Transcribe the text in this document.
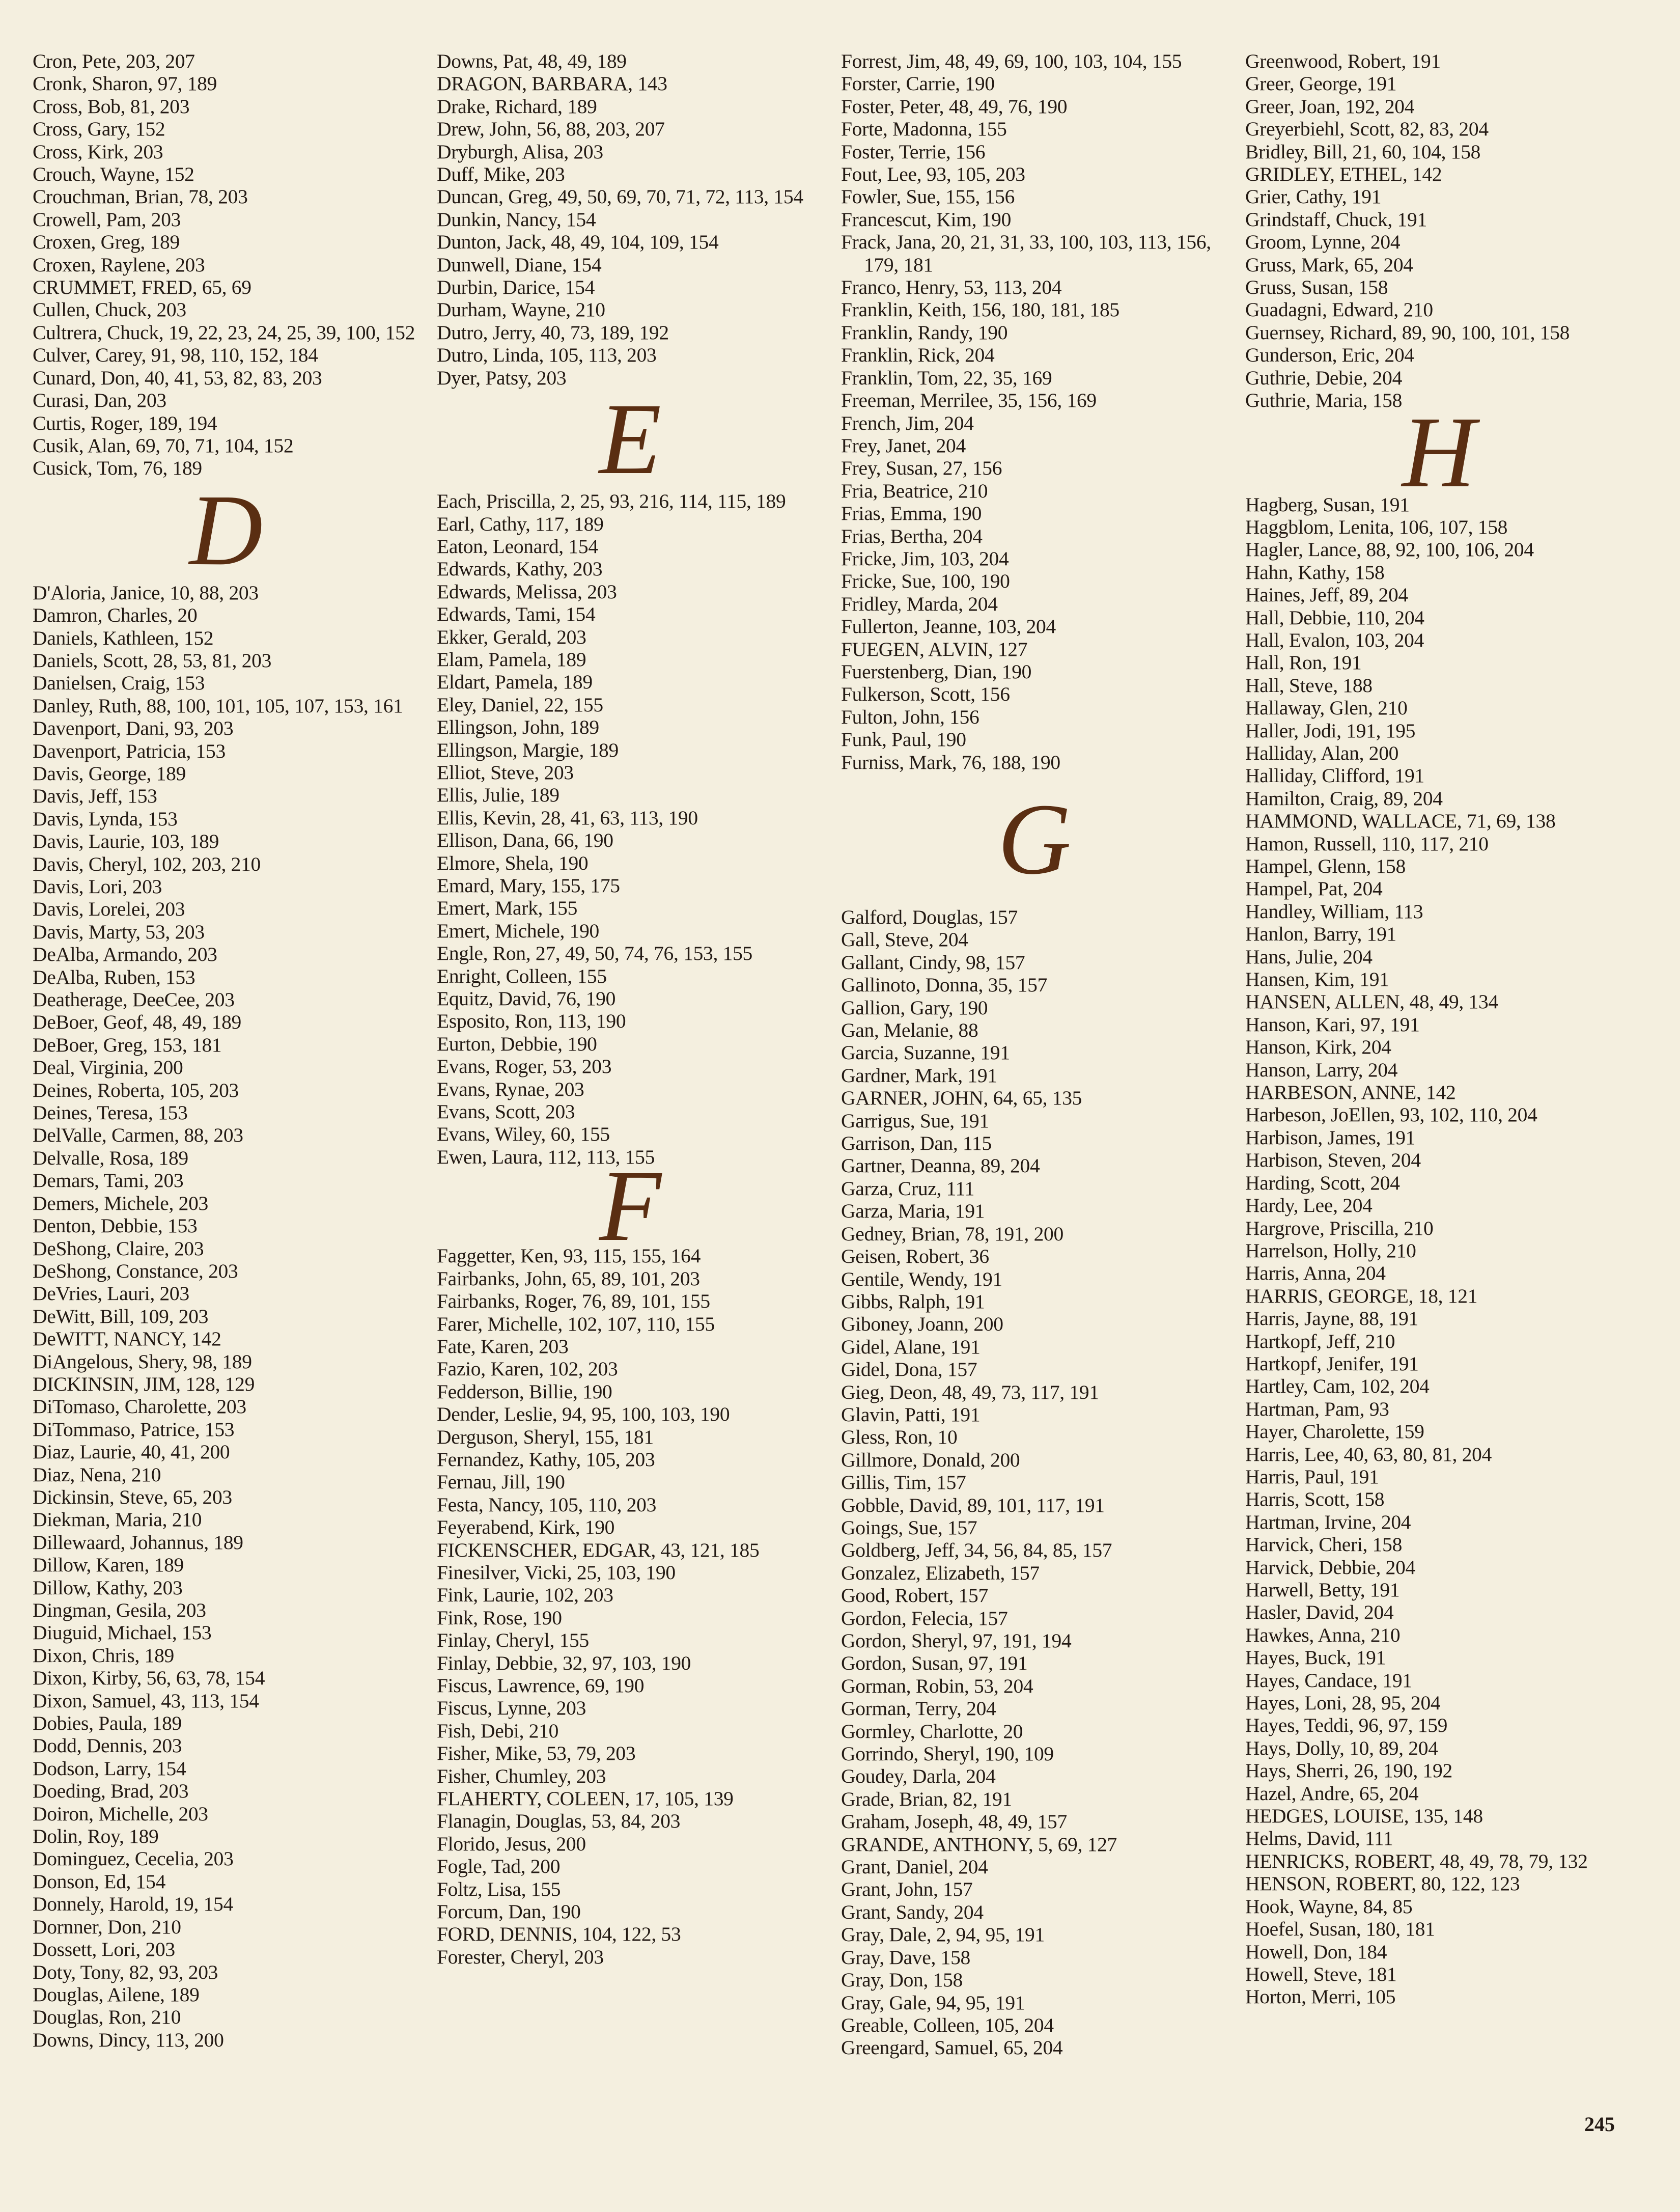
Cron, Pete, 203, 207
Cronk, Sharon, 97, 189
Cross, Bob, 81, 203
Cross, Gary, 152
Cross, Kirk, 203
Crouch, Wayne, 152
Crouchman, Brian, 78, 203
Crowell, Pam, 203
Croxen, Greg, 189
Croxen, Raylene, 203
CRUMMET, FRED, 65, 69
Cullen, Chuck, 203
Cultrera, Chuck, 19, 22, 23, 24, 25, 39, 100, 152
Culver, Carey, 91, 98, 110, 152, 184
Cunard, Don, 40, 41, 53, 82, 83, 203
Curasi, Dan, 203
Curtis, Roger, 189, 194
Cusik, Alan, 69, 70, 71, 104, 152
Cusick, Tom, 76, 189
D
D'Aloria, Janice, 10, 88, 203
Damron, Charles, 20
Daniels, Kathleen, 152
Daniels, Scott, 28, 53, 81, 203
Danielsen, Craig, 153
Danley, Ruth, 88, 100, 101, 105, 107, 153, 161
Davenport, Dani, 93, 203
Davenport, Patricia, 153
Davis, George, 189
Davis, Jeff, 153
Davis, Lynda, 153
Davis, Laurie, 103, 189
Davis, Cheryl, 102, 203, 210
Davis, Lori, 203
Davis, Lorelei, 203
Davis, Marty, 53, 203
DeAlba, Armando, 203
DeAlba, Ruben, 153
Deatherage, DeeCee, 203
DeBoer, Geof, 48, 49, 189
DeBoer, Greg, 153, 181
Deal, Virginia, 200
Deines, Roberta, 105, 203
Deines, Teresa, 153
DelValle, Carmen, 88, 203
Delvalle, Rosa, 189
Demars, Tami, 203
Demers, Michele, 203
Denton, Debbie, 153
DeShong, Claire, 203
DeShong, Constance, 203
DeVries, Lauri, 203
DeWitt, Bill, 109, 203
DeWITT, NANCY, 142
DiAngelous, Shery, 98, 189
DICKINSIN, JIM, 128, 129
DiTomaso, Charolette, 203
DiTommaso, Patrice, 153
Diaz, Laurie, 40, 41, 200
Diaz, Nena, 210
Dickinsin, Steve, 65, 203
Diekman, Maria, 210
Dillewaard, Johannus, 189
Dillow, Karen, 189
Dillow, Kathy, 203
Dingman, Gesila, 203
Diuguid, Michael, 153
Dixon, Chris, 189
Dixon, Kirby, 56, 63, 78, 154
Dixon, Samuel, 43, 113, 154
Dobies, Paula, 189
Dodd, Dennis, 203
Dodson, Larry, 154
Doeding, Brad, 203
Doiron, Michelle, 203
Dolin, Roy, 189
Dominguez, Cecelia, 203
Donson, Ed, 154
Donnely, Harold, 19, 154
Dornner, Don, 210
Dossett, Lori, 203
Doty, Tony, 82, 93, 203
Douglas, Ailene, 189
Douglas, Ron, 210
Downs, Dincy, 113, 200
Downs, Pat, 48, 49, 189
DRAGON, BARBARA, 143
Drake, Richard, 189
Drew, John, 56, 88, 203, 207
Dryburgh, Alisa, 203
Duff, Mike, 203
Duncan, Greg, 49, 50, 69, 70, 71, 72, 113, 154
Dunkin, Nancy, 154
Dunton, Jack, 48, 49, 104, 109, 154
Dunwell, Diane, 154
Durbin, Darice, 154
Durham, Wayne, 210
Dutro, Jerry, 40, 73, 189, 192
Dutro, Linda, 105, 113, 203
Dyer, Patsy, 203
E
Each, Priscilla, 2, 25, 93, 216, 114, 115, 189
Earl, Cathy, 117, 189
Eaton, Leonard, 154
Edwards, Kathy, 203
Edwards, Melissa, 203
Edwards, Tami, 154
Ekker, Gerald, 203
Elam, Pamela, 189
Eldart, Pamela, 189
Eley, Daniel, 22, 155
Ellingson, John, 189
Ellingson, Margie, 189
Elliot, Steve, 203
Ellis, Julie, 189
Ellis, Kevin, 28, 41, 63, 113, 190
Ellison, Dana, 66, 190
Elmore, Shela, 190
Emard, Mary, 155, 175
Emert, Mark, 155
Emert, Michele, 190
Engle, Ron, 27, 49, 50, 74, 76, 153, 155
Enright, Colleen, 155
Equitz, David, 76, 190
Esposito, Ron, 113, 190
Eurton, Debbie, 190
Evans, Roger, 53, 203
Evans, Rynae, 203
Evans, Scott, 203
Evans, Wiley, 60, 155
Ewen, Laura, 112, 113, 155
F
Faggetter, Ken, 93, 115, 155, 164
Fairbanks, John, 65, 89, 101, 203
Fairbanks, Roger, 76, 89, 101, 155
Farer, Michelle, 102, 107, 110, 155
Fate, Karen, 203
Fazio, Karen, 102, 203
Fedderson, Billie, 190
Dender, Leslie, 94, 95, 100, 103, 190
Derguson, Sheryl, 155, 181
Fernandez, Kathy, 105, 203
Fernau, Jill, 190
Festa, Nancy, 105, 110, 203
Feyerabend, Kirk, 190
FICKENSCHER, EDGAR, 43, 121, 185
Finesilver, Vicki, 25, 103, 190
Fink, Laurie, 102, 203
Fink, Rose, 190
Finlay, Cheryl, 155
Finlay, Debbie, 32, 97, 103, 190
Fiscus, Lawrence, 69, 190
Fiscus, Lynne, 203
Fish, Debi, 210
Fisher, Mike, 53, 79, 203
Fisher, Chumley, 203
FLAHERTY, COLEEN, 17, 105, 139
Flanagin, Douglas, 53, 84, 203
Florido, Jesus, 200
Fogle, Tad, 200
Foltz, Lisa, 155
Forcum, Dan, 190
FORD, DENNIS, 104, 122, 53
Forester, Cheryl, 203
Forrest, Jim, 48, 49, 69, 100, 103, 104, 155
Forster, Carrie, 190
Foster, Peter, 48, 49, 76, 190
Forte, Madonna, 155
Foster, Terrie, 156
Fout, Lee, 93, 105, 203
Fowler, Sue, 155, 156
Francescut, Kim, 190
Frack, Jana, 20, 21, 31, 33, 100, 103, 113, 156, 179, 181
Franco, Henry, 53, 113, 204
Franklin, Keith, 156, 180, 181, 185
Franklin, Randy, 190
Franklin, Rick, 204
Franklin, Tom, 22, 35, 169
Freeman, Merrilee, 35, 156, 169
French, Jim, 204
Frey, Janet, 204
Frey, Susan, 27, 156
Fria, Beatrice, 210
Frias, Emma, 190
Frias, Bertha, 204
Fricke, Jim, 103, 204
Fricke, Sue, 100, 190
Fridley, Marda, 204
Fullerton, Jeanne, 103, 204
FUEGEN, ALVIN, 127
Fuerstenberg, Dian, 190
Fulkerson, Scott, 156
Fulton, John, 156
Funk, Paul, 190
Furniss, Mark, 76, 188, 190
G
Galford, Douglas, 157
Gall, Steve, 204
Gallant, Cindy, 98, 157
Gallinoto, Donna, 35, 157
Gallion, Gary, 190
Gan, Melanie, 88
Garcia, Suzanne, 191
Gardner, Mark, 191
GARNER, JOHN, 64, 65, 135
Garrigus, Sue, 191
Garrison, Dan, 115
Gartner, Deanna, 89, 204
Garza, Cruz, 111
Garza, Maria, 191
Gedney, Brian, 78, 191, 200
Geisen, Robert, 36
Gentile, Wendy, 191
Gibbs, Ralph, 191
Giboney, Joann, 200
Gidel, Alane, 191
Gidel, Dona, 157
Gieg, Deon, 48, 49, 73, 117, 191
Glavin, Patti, 191
Gless, Ron, 10
Gillmore, Donald, 200
Gillis, Tim, 157
Gobble, David, 89, 101, 117, 191
Goings, Sue, 157
Goldberg, Jeff, 34, 56, 84, 85, 157
Gonzalez, Elizabeth, 157
Good, Robert, 157
Gordon, Felecia, 157
Gordon, Sheryl, 97, 191, 194
Gordon, Susan, 97, 191
Gorman, Robin, 53, 204
Gorman, Terry, 204
Gormley, Charlotte, 20
Gorrindo, Sheryl, 190, 109
Goudey, Darla, 204
Grade, Brian, 82, 191
Graham, Joseph, 48, 49, 157
GRANDE, ANTHONY, 5, 69, 127
Grant, Daniel, 204
Grant, John, 157
Grant, Sandy, 204
Gray, Dale, 2, 94, 95, 191
Gray, Dave, 158
Gray, Don, 158
Gray, Gale, 94, 95, 191
Greable, Colleen, 105, 204
Greengard, Samuel, 65, 204
Greenwood, Robert, 191
Greer, George, 191
Greer, Joan, 192, 204
Greyerbiehl, Scott, 82, 83, 204
Bridley, Bill, 21, 60, 104, 158
GRIDLEY, ETHEL, 142
Grier, Cathy, 191
Grindstaff, Chuck, 191
Groom, Lynne, 204
Gruss, Mark, 65, 204
Gruss, Susan, 158
Guadagni, Edward, 210
Guernsey, Richard, 89, 90, 100, 101, 158
Gunderson, Eric, 204
Guthrie, Debie, 204
Guthrie, Maria, 158 H
Hagberg, Susan, 191
Haggblom, Lenita, 106, 107, 158
Hagler, Lance, 88, 92, 100, 106, 204
Hahn, Kathy, 158
Haines, Jeff, 89, 204
Hall, Debbie, 110, 204
Hall, Evalon, 103, 204
Hall, Ron, 191
Hall, Steve, 188
Hallaway, Glen, 210
Haller, Jodi, 191, 195
Halliday, Alan, 200
Halliday, Clifford, 191
Hamilton, Craig, 89, 204
HAMMOND, WALLACE, 71, 69, 138
Hamon, Russell, 110, 117, 210
Hampel, Glenn, 158
Hampel, Pat, 204
Handley, William, 113
Hanlon, Barry, 191
Hans, Julie, 204
Hansen, Kim, 191
HANSEN, ALLEN, 48, 49, 134
Hanson, Kari, 97, 191
Hanson, Kirk, 204
Hanson, Larry, 204
HARBESON, ANNE, 142
Harbeson, JoEllen, 93, 102, 110, 204
Harbison, James, 191
Harbison, Steven, 204
Harding, Scott, 204
Hardy, Lee, 204
Hargrove, Priscilla, 210
Harrelson, Holly, 210
Harris, Anna, 204
HARRIS, GEORGE, 18, 121
Harris, Jayne, 88, 191
Hartkopf, Jeff, 210
Hartkopf, Jenifer, 191
Hartley, Cam, 102, 204
Hartman, Pam, 93
Hayer, Charolette, 159
Harris, Lee, 40, 63, 80, 81, 204
Harris, Paul, 191
Harris, Scott, 158
Hartman, Irvine, 204
Harvick, Cheri, 158
Harvick, Debbie, 204
Harwell, Betty, 191
Hasler, David, 204
Hawkes, Anna, 210
Hayes, Buck, 191
Hayes, Candace, 191
Hayes, Loni, 28, 95, 204
Hayes, Teddi, 96, 97, 159
Hays, Dolly, 10, 89, 204
Hays, Sherri, 26, 190, 192
Hazel, Andre, 65, 204
HEDGES, LOUISE, 135, 148
Helms, David, 111
HENRICKS, ROBERT, 48, 49, 78, 79, 132
HENSON, ROBERT, 80, 122, 123
Hook, Wayne, 84, 85
Hoefel, Susan, 180, 181
Howell, Don, 184
Howell, Steve, 181
Horton, Merri, 105
245
